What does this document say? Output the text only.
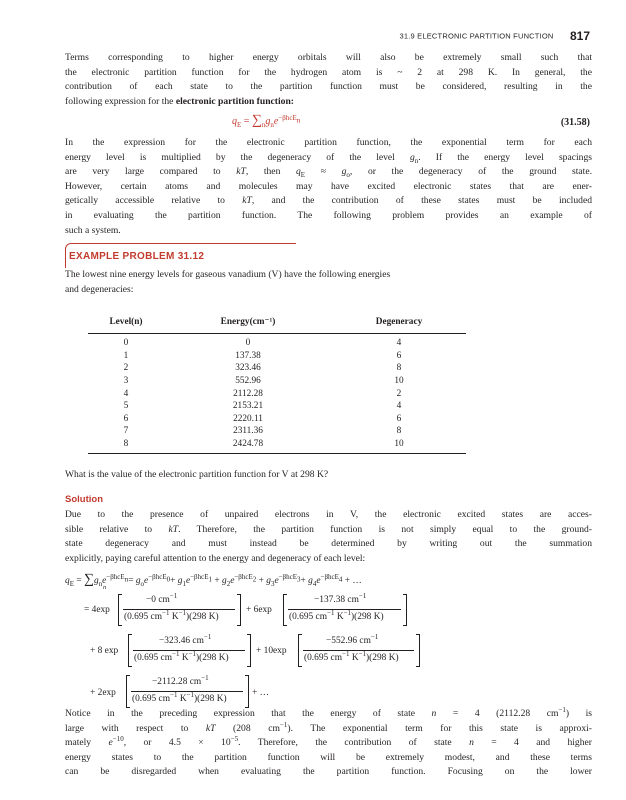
31.9 ELECTRONIC PARTITION FUNCTION 817
Terms corresponding to higher energy orbitals will also be extremely small such that
the electronic partition function for the hydrogen atom is ~ 2 at 298 K. In general, the
contribution of each state to the partition function must be considered, resulting in the
following expression for the electronic partition function:
$q_E = \sum_ng_ne^{-\beta hcE_n}$	(31.58)
In the expression for the electronic partition function, the exponential term for each
energy level is multiplied by the degeneracy of the level $g_n$. If the energy level spacings
are very large compared to kT, then $q_E \approx g_o$, or the degeneracy of the ground state.
However, certain atoms and molecules may have excited electronic states that are ener-
getically accessible relative to kT, and the contribution of these states must be included
in evaluating the partition function. The following problem provides an example of
such a system.
EXAMPLE PROBLEM 31.12
The lowest nine energy levels for gaseous vanadium (V) have the following energies
and degeneracies:
Level(n)	Energy(cm⁻¹)	Degeneracy
0	0	4
1	137.38	6
2	323.46	8
3	552.96	10
4	2112.28	2
5	2153.21	4
6	2220.11	6
7	2311.36	8
8	2424.78	10
What is the value of the electronic partition function for V at 298 K?
Solution
Due to the presence of unpaired electrons in V, the electronic excited states are acces-
sible relative to kT. Therefore, the partition function is not simply equal to the ground-
state degeneracy and must instead be determined by writing out the summation
explicitly, paying careful attention to the energy and degeneracy of each level:
$q_E = \sum g_ne^{-\beta hcE_n}= g_oe^{-\beta hcE_0}+ g_1e^{-\beta hcE_1} + g_2e^{-\beta hcE_2} + g_3e^{-\beta hcE_3}+ g_4e^{-\beta hcE_4}$ + …
n
= 4exp
−0 $cm^{-1}$
(0.695 $cm^{-1}$ $K^{-1})(298$ K)
+ 6exp
−137.38 $cm^{-1}$
(0.695 $cm^{-1}$ $K^{-1})(298$ K)
+ 8 exp
−323.46 $cm^{-1}$
(0.695 $cm^{-1}$ $K^{-1})(298$ K)
+ 10exp
−552.96 $cm^{-1}$
(0.695 $cm^{-1}$ $K^{-1})(298$ K)
+ 2exp
−2112.28 $cm^{-1}$
(0.695 $cm^{-1}$ $K^{-1})(298$ K)
+ …
Notice in the preceding expression that the energy of state n = 4 (2112.28 $cm^{-1}$) is
large with respect to kT (208 $cm^{-1}$). The exponential term for this state is approxi-
mately $e^{-10}$, or $4.5 \times 10^{-5}$. Therefore, the contribution of state n = 4 and higher
energy states to the partition function will be extremely modest, and these terms
can be disregarded when evaluating the partition function. Focusing on the lower
